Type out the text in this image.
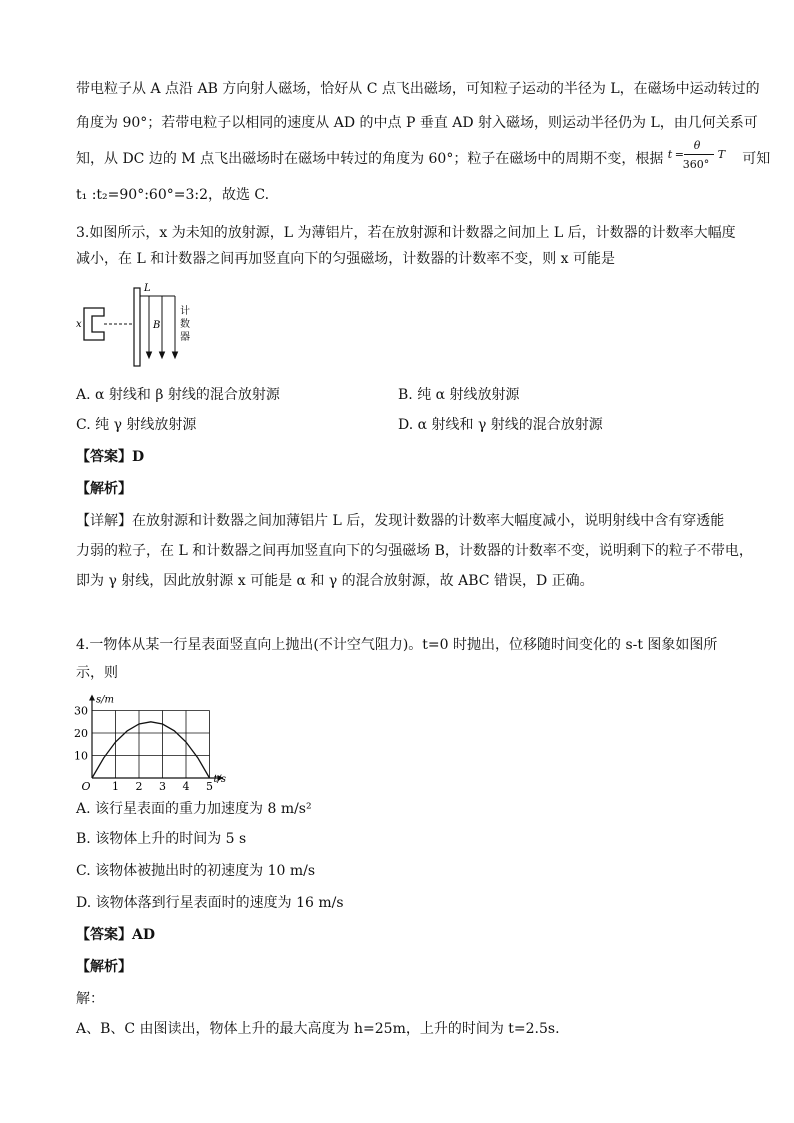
带电粒子从 A 点沿 AB 方向射人磁场，恰好从 C 点飞出磁场，可知粒子运动的半径为 L，在磁场中运动转过的
角度为 90°；若带电粒子以相同的速度从 AD 的中点 P 垂直 AD 射入磁场，则运动半径仍为 L，由几何关系可
知，从 DC 边的 M 点飞出磁场时在磁场中转过的角度为 60°；粒子在磁场中的周期不变，根据 t =
θ
360°
T 可知
t₁ :t₂=90°:60°=3:2，故选 C.
3.如图所示，x 为未知的放射源，L 为薄铝片，若在放射源和计数器之间加上 L 后，计数器的计数率大幅度
减小，在 L 和计数器之间再加竖直向下的匀强磁场，计数器的计数率不变，则 x 可能是
x
L
B
计
数
器
A. α 射线和 β 射线的混合放射源	B. 纯 α 射线放射源
C. 纯 γ 射线放射源	D. α 射线和 γ 射线的混合放射源
【答案】D
【解析】
【详解】在放射源和计数器之间加薄铝片 L 后，发现计数器的计数率大幅度减小，说明射线中含有穿透能
力弱的粒子，在 L 和计数器之间再加竖直向下的匀强磁场 B，计数器的计数率不变，说明剩下的粒子不带电，
即为 γ 射线，因此放射源 x 可能是 α 和 γ 的混合放射源，故 ABC 错误，D 正确。
4.一物体从某一行星表面竖直向上抛出(不计空气阻力)。t=0 时抛出，位移随时间变化的 s-t 图象如图所
示，则
s/m
t/s
O 1 2 3 4 5
10
20
30
A. 该行星表面的重力加速度为 8 m/s²
B. 该物体上升的时间为 5 s
C. 该物体被抛出时的初速度为 10 m/s
D. 该物体落到行星表面时的速度为 16 m/s
【答案】AD
【解析】
解：
A、B、C 由图读出，物体上升的最大高度为 h=25m，上升的时间为 t=2.5s.
